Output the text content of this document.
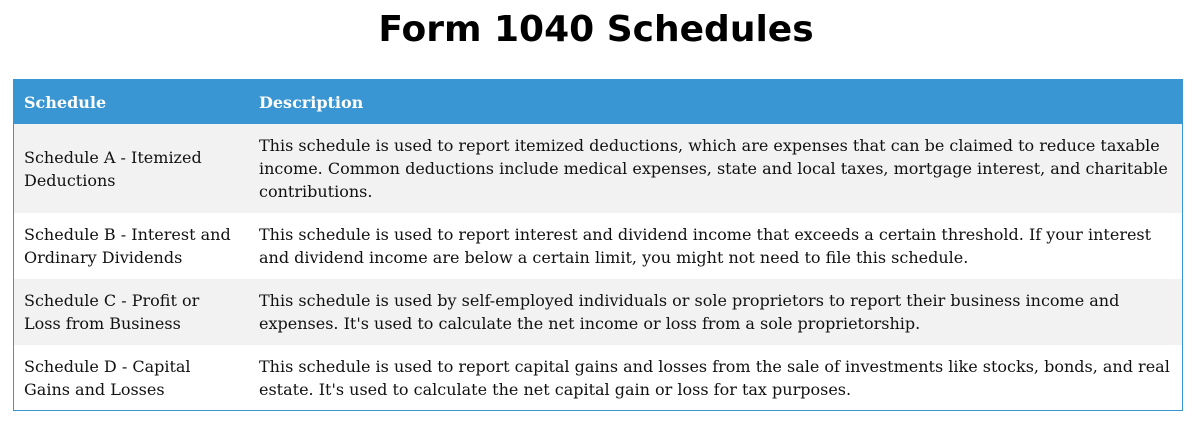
Form 1040 Schedules
Schedule	Description
Schedule A - Itemized Deductions	This schedule is used to report itemized deductions, which are expenses that can be claimed to reduce taxable income. Common deductions include medical expenses, state and local taxes, mortgage interest, and charitable contributions.
Schedule B - Interest and Ordinary Dividends	This schedule is used to report interest and dividend income that exceeds a certain threshold. If your interest and dividend income are below a certain limit, you might not need to file this schedule.
Schedule C - Profit or Loss from Business	This schedule is used by self-employed individuals or sole proprietors to report their business income and expenses. It's used to calculate the net income or loss from a sole proprietorship.
Schedule D - Capital Gains and Losses	This schedule is used to report capital gains and losses from the sale of investments like stocks, bonds, and real estate. It's used to calculate the net capital gain or loss for tax purposes.
